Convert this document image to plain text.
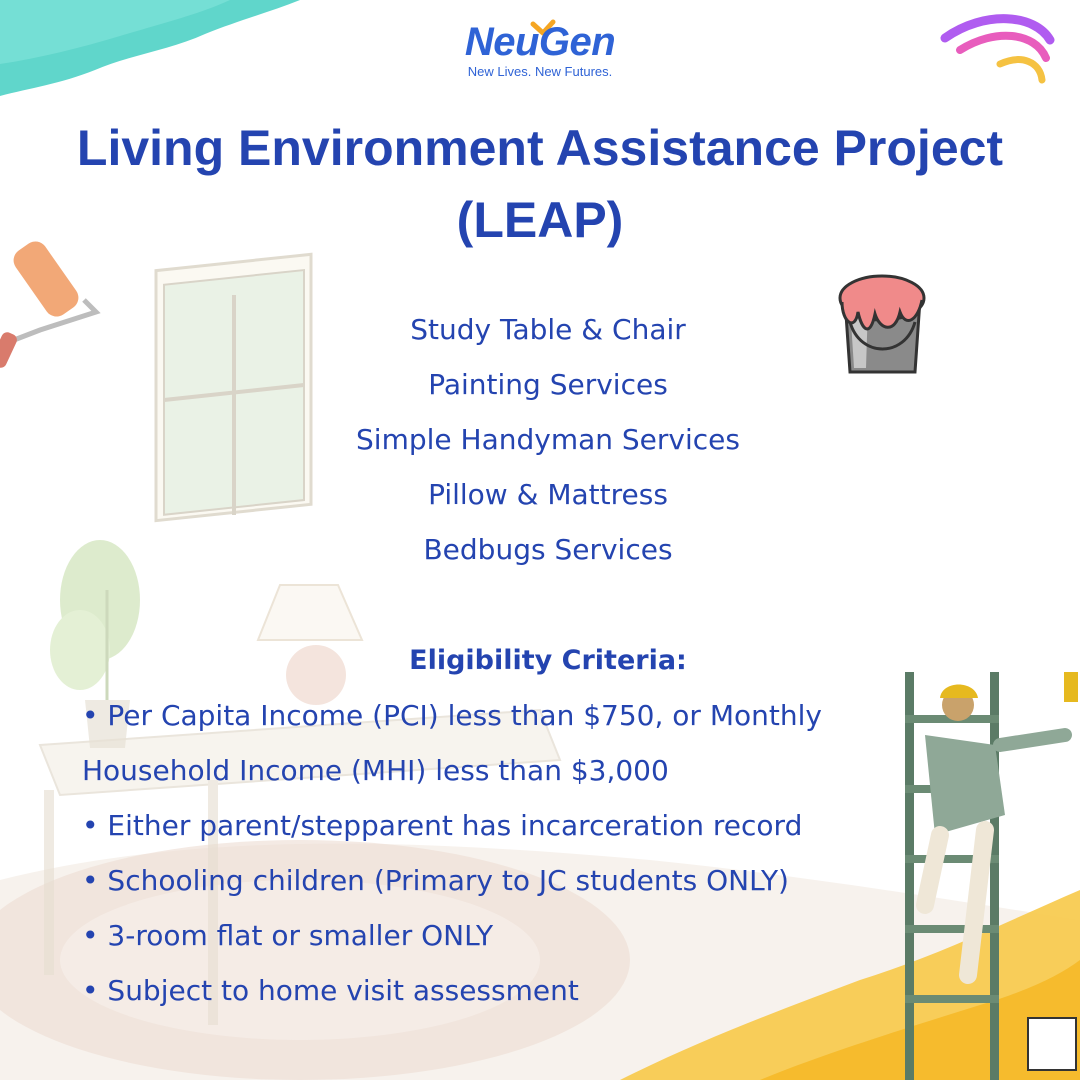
NeuGen
New Lives. New Futures.
Living Environment Assistance Project (LEAP)
Study Table & Chair
Painting Services
Simple Handyman Services
Pillow & Mattress
Bedbugs Services
Eligibility Criteria:
• Per Capita Income (PCI) less than $750, or Monthly Household Income (MHI) less than $3,000
• Either parent/stepparent has incarceration record
• Schooling children (Primary to JC students ONLY)
• 3-room flat or smaller ONLY
• Subject to home visit assessment
